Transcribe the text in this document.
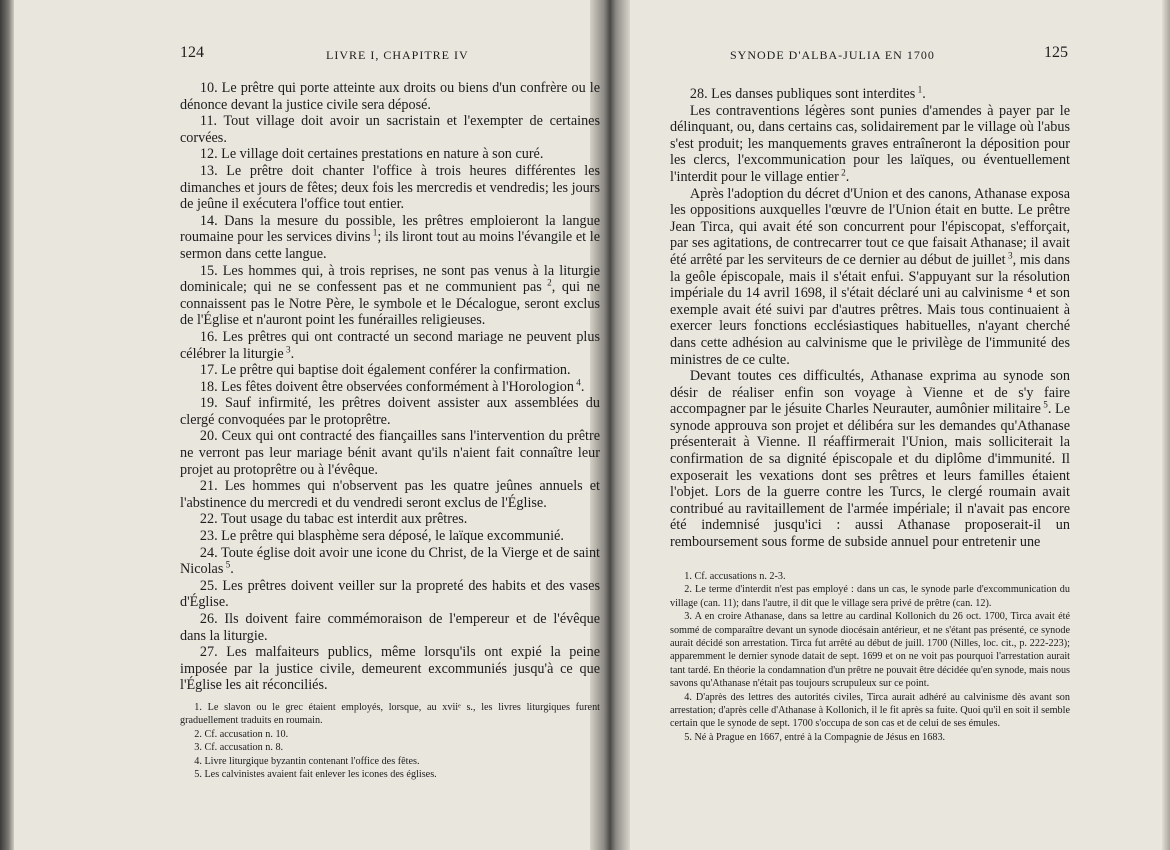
124	LIVRE I, CHAPITRE IV

10. Le prêtre qui porte atteinte aux droits ou biens d'un confrère ou le dénonce devant la justice civile sera déposé.

11. Tout village doit avoir un sacristain et l'exempter de certaines corvées.

12. Le village doit certaines prestations en nature à son curé.

13. Le prêtre doit chanter l'office à trois heures différentes les dimanches et jours de fêtes; deux fois les mercredis et vendredis; les jours de jeûne il exécutera l'office tout entier.

14. Dans la mesure du possible, les prêtres emploieront la langue roumaine pour les services divins $^1$; ils liront tout au moins l'évangile et le sermon dans cette langue.

15. Les hommes qui, à trois reprises, ne sont pas venus à la liturgie dominicale; qui ne se confessent pas et ne communient pas $^2$, qui ne connaissent pas le Notre Père, le symbole et le Décalogue, seront exclus de l'Église et n'auront point les funérailles religieuses.

16. Les prêtres qui ont contracté un second mariage ne peuvent plus célébrer la liturgie $^3$.

17. Le prêtre qui baptise doit également conférer la confirmation.

18. Les fêtes doivent être observées conformément à l'Horologion $^4$.

19. Sauf infirmité, les prêtres doivent assister aux assemblées du clergé convoquées par le protoprêtre.

20. Ceux qui ont contracté des fiançailles sans l'intervention du prêtre ne verront pas leur mariage bénit avant qu'ils n'aient fait connaître leur projet au protoprêtre ou à l'évêque.

21. Les hommes qui n'observent pas les quatre jeûnes annuels et l'abstinence du mercredi et du vendredi seront exclus de l'Église.

22. Tout usage du tabac est interdit aux prêtres.

23. Le prêtre qui blasphème sera déposé, le laïque excommunié.

24. Toute église doit avoir une icone du Christ, de la Vierge et de saint Nicolas $^5$.

25. Les prêtres doivent veiller sur la propreté des habits et des vases d'Église.

26. Ils doivent faire commémoraison de l'empereur et de l'évêque dans la liturgie.

27. Les malfaiteurs publics, même lorsqu'ils ont expié la peine imposée par la justice civile, demeurent excommuniés jusqu'à ce que l'Église les ait réconciliés.

1. Le slavon ou le grec étaient employés, lorsque, au xviiᵉ s., les livres liturgiques furent graduellement traduits en roumain.

2. Cf. accusation n. 10.

3. Cf. accusation n. 8.

4. Livre liturgique byzantin contenant l'office des fêtes.

5. Les calvinistes avaient fait enlever les icones des églises.

SYNODE D'ALBA-JULIA EN 1700	125

28. Les danses publiques sont interdites $^1$.

Les contraventions légères sont punies d'amendes à payer par le délinquant, ou, dans certains cas, solidairement par le village où l'abus s'est produit; les manquements graves entraîneront la déposition pour les clercs, l'excommunication pour les laïques, ou éventuellement l'interdit pour le village entier $^2$.

Après l'adoption du décret d'Union et des canons, Athanase exposa les oppositions auxquelles l'œuvre de l'Union était en butte. Le prêtre Jean Tirca, qui avait été son concurrent pour l'épiscopat, s'efforçait, par ses agitations, de contrecarrer tout ce que faisait Athanase; il avait été arrêté par les serviteurs de ce dernier au début de juillet $^3$, mis dans la geôle épiscopale, mais il s'était enfui. S'appuyant sur la résolution impériale du 14 avril 1698, il s'était déclaré uni au calvinisme ⁴ et son exemple avait été suivi par d'autres prêtres. Mais tous continuaient à exercer leurs fonctions ecclésiastiques habituelles, n'ayant cherché dans cette adhésion au calvinisme que le privilège de l'immunité des ministres de ce culte.

Devant toutes ces difficultés, Athanase exprima au synode son désir de réaliser enfin son voyage à Vienne et de s'y faire accompagner par le jésuite Charles Neurauter, aumônier militaire $^5$. Le synode approuva son projet et délibéra sur les demandes qu'Athanase présenterait à Vienne. Il réaffirmerait l'Union, mais solliciterait la confirmation de sa dignité épiscopale et du diplôme d'immunité. Il exposerait les vexations dont ses prêtres et leurs familles étaient l'objet. Lors de la guerre contre les Turcs, le clergé roumain avait contribué au ravitaillement de l'armée impériale; il n'avait pas encore été indemnisé jusqu'ici : aussi Athanase proposerait-il un remboursement sous forme de subside annuel pour entretenir une

1. Cf. accusations n. 2-3.

2. Le terme d'interdit n'est pas employé : dans un cas, le synode parle d'excommunication du village (can. 11); dans l'autre, il dit que le village sera privé de prêtre (can. 12).

3. A en croire Athanase, dans sa lettre au cardinal Kollonich du 26 oct. 1700, Tirca avait été sommé de comparaître devant un synode diocésain antérieur, et ne s'étant pas présenté, ce synode aurait décidé son arrestation. Tirca fut arrêté au début de juill. 1700 (Nilles, loc. cit., p. 222-223); apparemment le dernier synode datait de sept. 1699 et on ne voit pas pourquoi l'arrestation aurait tant tardé. En théorie la condamnation d'un prêtre ne pouvait être décidée qu'en synode, mais nous savons qu'Athanase n'était pas toujours scrupuleux sur ce point.

4. D'après des lettres des autorités civiles, Tirca aurait adhéré au calvinisme dès avant son arrestation; d'après celle d'Athanase à Kollonich, il le fit après sa fuite. Quoi qu'il en soit il semble certain que le synode de sept. 1700 s'occupa de son cas et de celui de ses émules.

5. Né à Prague en 1667, entré à la Compagnie de Jésus en 1683.
